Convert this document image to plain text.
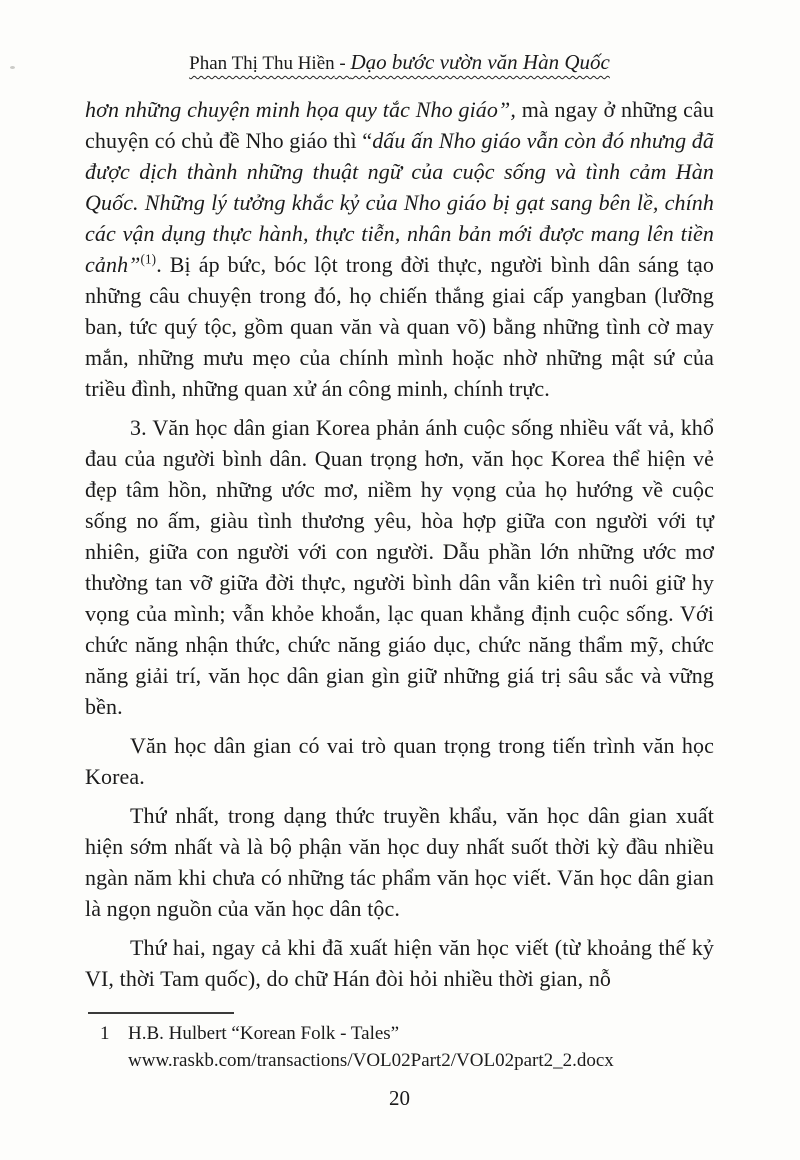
Phan Thị Thu Hiền - Dạo bước vườn văn Hàn Quốc

hơn những chuyện minh họa quy tắc Nho giáo”, mà ngay ở những câu chuyện có chủ đề Nho giáo thì “dấu ấn Nho giáo vẫn còn đó nhưng đã được dịch thành những thuật ngữ của cuộc sống và tình cảm Hàn Quốc. Những lý tưởng khắc kỷ của Nho giáo bị gạt sang bên lề, chính các vận dụng thực hành, thực tiễn, nhân bản mới được mang lên tiền cảnh”$^{(1)}$. Bị áp bức, bóc lột trong đời thực, người bình dân sáng tạo những câu chuyện trong đó, họ chiến thắng giai cấp yangban (lưỡng ban, tức quý tộc, gồm quan văn và quan võ) bằng những tình cờ may mắn, những mưu mẹo của chính mình hoặc nhờ những mật sứ của triều đình, những quan xử án công minh, chính trực.

3. Văn học dân gian Korea phản ánh cuộc sống nhiều vất vả, khổ đau của người bình dân. Quan trọng hơn, văn học Korea thể hiện vẻ đẹp tâm hồn, những ước mơ, niềm hy vọng của họ hướng về cuộc sống no ấm, giàu tình thương yêu, hòa hợp giữa con người với tự nhiên, giữa con người với con người. Dẫu phần lớn những ước mơ thường tan vỡ giữa đời thực, người bình dân vẫn kiên trì nuôi giữ hy vọng của mình; vẫn khỏe khoắn, lạc quan khẳng định cuộc sống. Với chức năng nhận thức, chức năng giáo dục, chức năng thẩm mỹ, chức năng giải trí, văn học dân gian gìn giữ những giá trị sâu sắc và vững bền.

Văn học dân gian có vai trò quan trọng trong tiến trình văn học Korea.

Thứ nhất, trong dạng thức truyền khẩu, văn học dân gian xuất hiện sớm nhất và là bộ phận văn học duy nhất suốt thời kỳ đầu nhiều ngàn năm khi chưa có những tác phẩm văn học viết. Văn học dân gian là ngọn nguồn của văn học dân tộc.

Thứ hai, ngay cả khi đã xuất hiện văn học viết (từ khoảng thế kỷ VI, thời Tam quốc), do chữ Hán đòi hỏi nhiều thời gian, nỗ

1 H.B. Hulbert “Korean Folk - Tales”
www.raskb.com/transactions/VOL02Part2/VOL02part2_2.docx
20
